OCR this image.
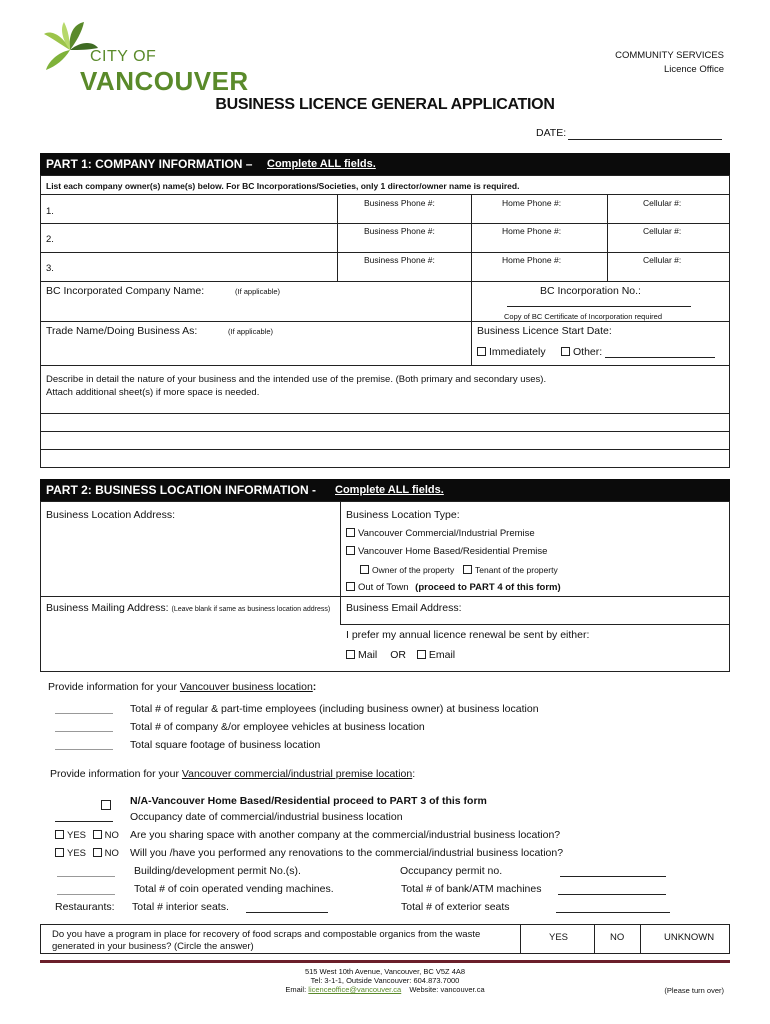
CITY OF
VANCOUVER
COMMUNITY SERVICES
Licence Office
BUSINESS LICENCE GENERAL APPLICATION
DATE:
PART 1: COMPANY INFORMATION – Complete ALL fields.
List each company owner(s) name(s) below. For BC Incorporations/Societies, only 1 director/owner name is required.
1.
Business Phone #:	Home Phone #:	Cellular #:
2.
Business Phone #:	Home Phone #:	Cellular #:
3.
Business Phone #:	Home Phone #:	Cellular #:
BC Incorporated Company Name:	(If applicable)	BC Incorporation No.:
Copy of BC Certificate of Incorporation required
Trade Name/Doing Business As:	(If applicable)	Business Licence Start Date:
Immediately	Other:
Describe in detail the nature of your business and the intended use of the premise. (Both primary and secondary uses).
Attach additional sheet(s) if more space is needed.
PART 2: BUSINESS LOCATION INFORMATION - Complete ALL fields.
Business Location Address:	Business Location Type:
Vancouver Commercial/Industrial Premise
Vancouver Home Based/Residential Premise
Owner of the property	Tenant of the property
Out of Town (proceed to PART 4 of this form)
Business Mailing Address: (Leave blank if same as business location address) Business Email Address:
I prefer my annual licence renewal be sent by either:
Mail OR Email
Provide information for your Vancouver business location:
Total # of regular & part-time employees (including business owner) at business location
Total # of company &/or employee vehicles at business location
Total square footage of business location
Provide information for your Vancouver commercial/industrial premise location:
N/A-Vancouver Home Based/Residential proceed to PART 3 of this form
Occupancy date of commercial/industrial business location
YES NO Are you sharing space with another company at the commercial/industrial business location?
YES NO Will you /have you performed any renovations to the commercial/industrial business location?
Building/development permit No.(s).	Occupancy permit no.
Total # of coin operated vending machines.	Total # of bank/ATM machines
Restaurants: Total # interior seats.	Total # of exterior seats
Do you have a program in place for recovery of food scraps and compostable organics from the waste
generated in your business? (Circle the answer)
YES	NO	UNKNOWN
515 West 10th Avenue, Vancouver, BC V5Z 4A8
Tel: 3-1-1, Outside Vancouver: 604.873.7000
Email: licenceoffice@vancouver.ca Website: vancouver.ca	(Please turn over)
